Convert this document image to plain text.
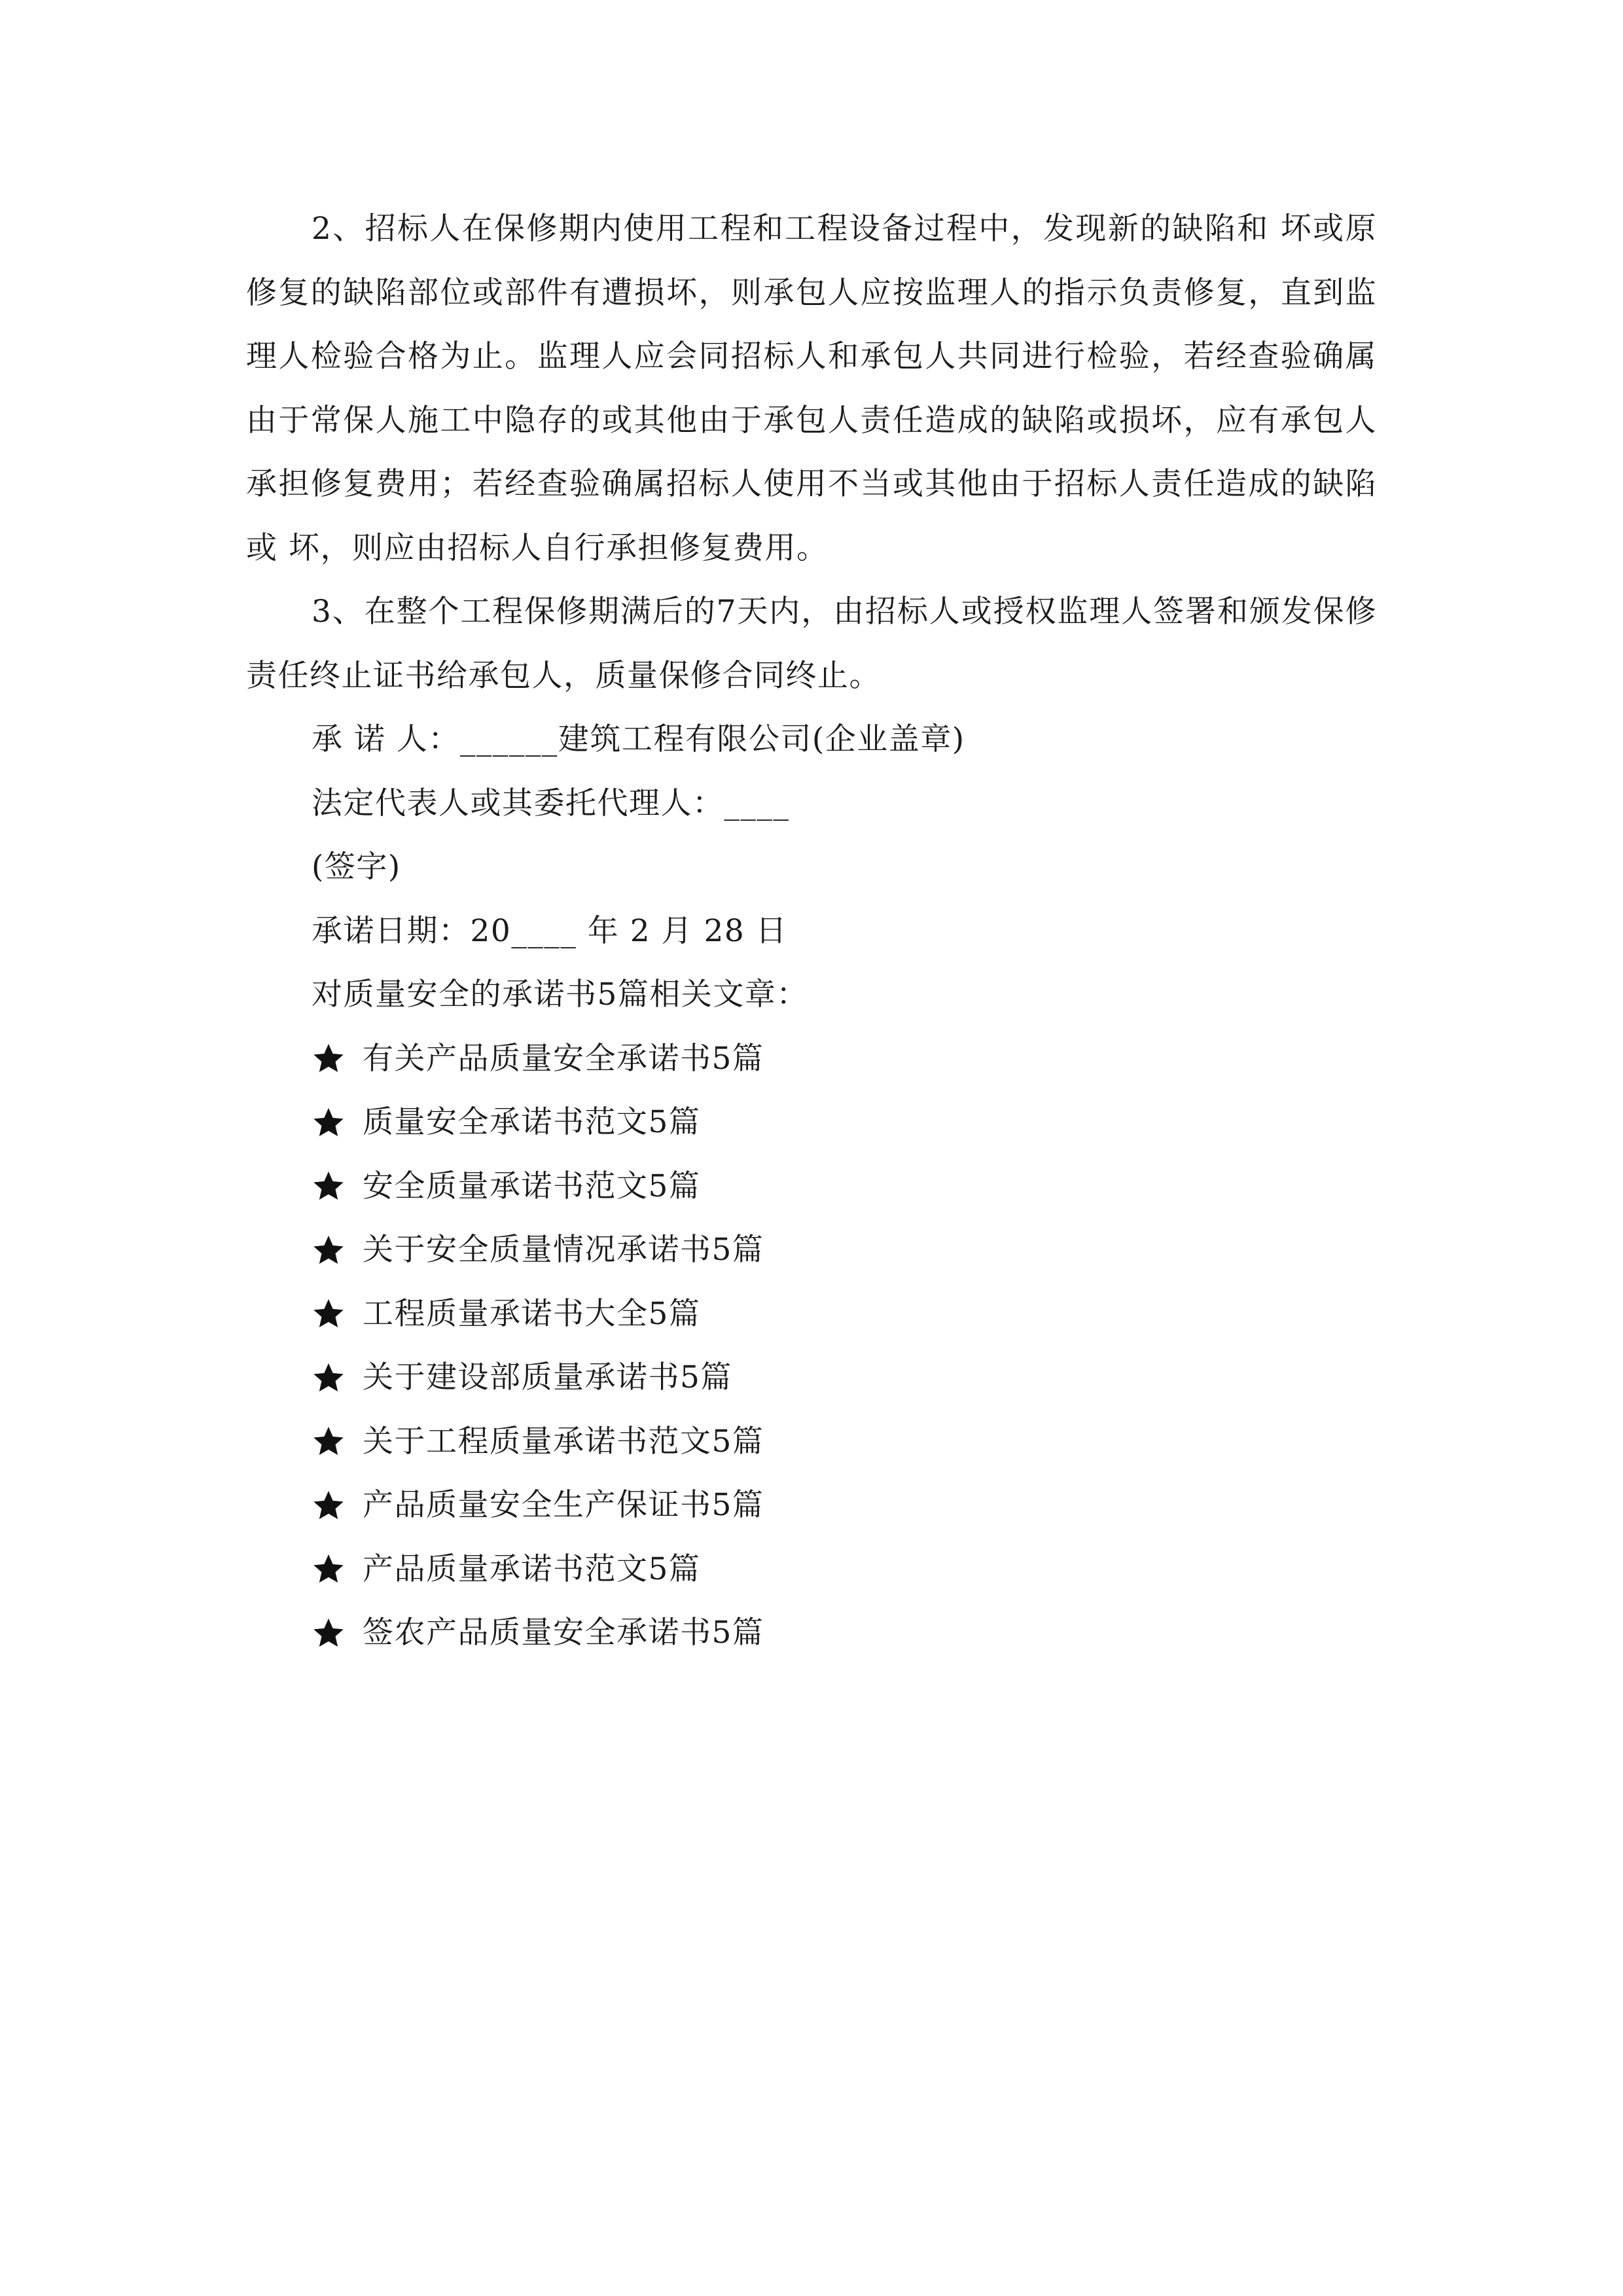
2、招标人在保修期内使用工程和工程设备过程中，发现新的缺陷和 坏或原修复的缺陷部位或部件有遭损坏，则承包人应按监理人的指示负责修复，直到监理人检验合格为止。监理人应会同招标人和承包人共同进行检验，若经查验确属由于常保人施工中隐存的或其他由于承包人责任造成的缺陷或损坏，应有承包人承担修复费用；若经查验确属招标人使用不当或其他由于招标人责任造成的缺陷或 坏，则应由招标人自行承担修复费用。

3、在整个工程保修期满后的7天内，由招标人或授权监理人签署和颁发保修责任终止证书给承包人，质量保修合同终止。

承 诺 人：______建筑工程有限公司(企业盖章)

法定代表人或其委托代理人：____

(签字)

承诺日期：20____ 年 2 月 28 日

对质量安全的承诺书5篇相关文章：

有关产品质量安全承诺书5篇
质量安全承诺书范文5篇
安全质量承诺书范文5篇
关于安全质量情况承诺书5篇
工程质量承诺书大全5篇
关于建设部质量承诺书5篇
关于工程质量承诺书范文5篇
产品质量安全生产保证书5篇
产品质量承诺书范文5篇
签农产品质量安全承诺书5篇
